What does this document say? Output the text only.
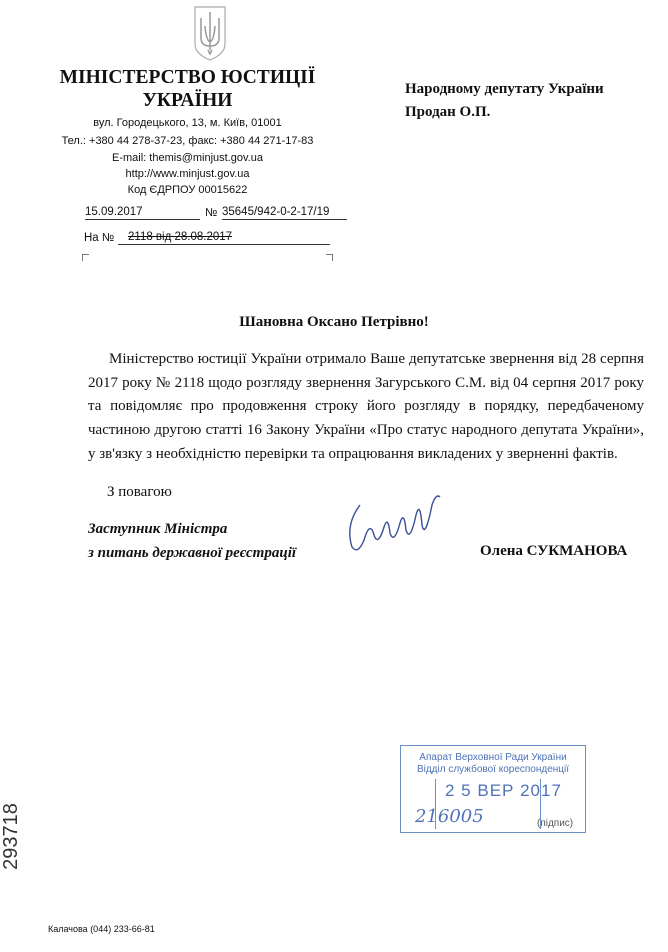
МІНІСТЕРСТВО ЮСТИЦІЇ
УКРАЇНИ
вул. Городецького, 13, м. Київ, 01001
Тел.: +380 44 278-37-23, факс: +380 44 271-17-83
E-mail: themis@minjust.gov.ua
http://www.minjust.gov.ua
Код ЄДРПОУ 00015622
15.09.2017	№ 35645/942-0-2-17/19
На №	2118 від 28.08.2017
Народному депутату України
Продан О.П.
Шановна Оксано Петрівно!

Міністерство юстиції України отримало Ваше депутатське звернення від 28 серпня 2017 року № 2118 щодо розгляду звернення Загурського С.М. від 04 серпня 2017 року та повідомляє про продовження строку його розгляду в порядку, передбаченому частиною другою статті 16 Закону України «Про статус народного депутата України», у зв'язку з необхідністю перевірки та опрацювання викладених у зверненні фактів.

З повагою
Заступник Міністра
з питань державної реєстрації	Олена СУКМАНОВА
Апарат Верховної Ради України
Відділ службової кореспонденції
2 5 ВЕР 2017
216005	(підпис)
293718
Калачова (044) 233-66-81
